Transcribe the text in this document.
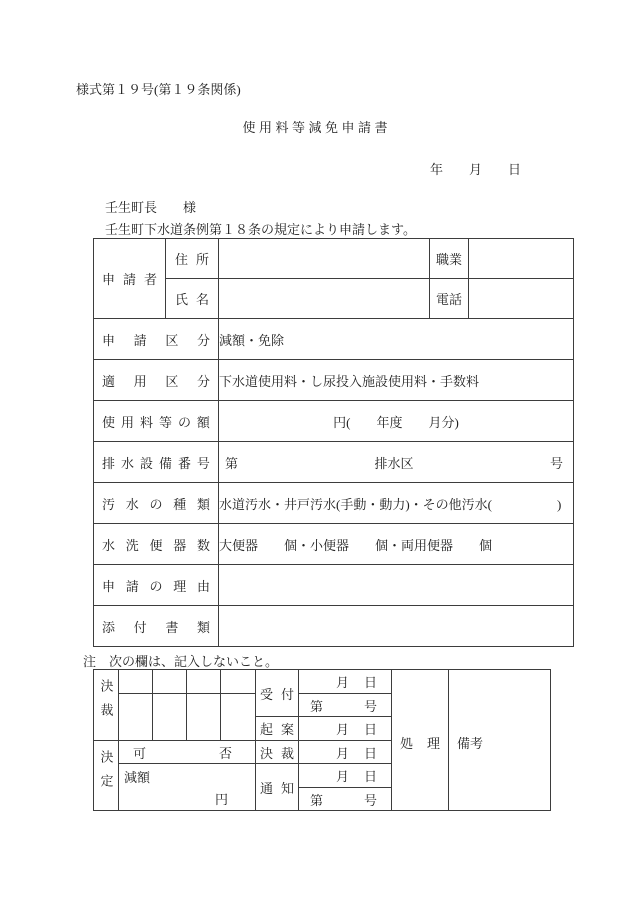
様式第１９号(第１９条関係)
使用料等減免申請書
年　　月　　日
壬生町長　　様
壬生町下水道条例第１８条の規定により申請します。
申 請 者	住 所		職業	

	氏 名		電話	

申 請 区 分		減額・免除		

適 用 区 分		下水道使用料・し尿投入施設使用料・手数料		

使 用 料 等 の 額	円(　　年度　　月分)

排 水 設 備 番 号	第	排水区	号

汚 水 の 種 類		水道汚水・井戸汚水(手動・動力)・その他汚水(　　　　　)		

水 洗 便 器 数		大便器　　個・小便器　　個・両用便器　　個		

申 請 の 理 由				

添 付 書 類				

注　次の欄は、記入しないこと。
決裁					受 付	月 日	処 理	備考

						第 号		

					起 案	月 日		

決定	可 否				決 裁	月 日		

	減額
円				通 知	月 日		

						第 号		
